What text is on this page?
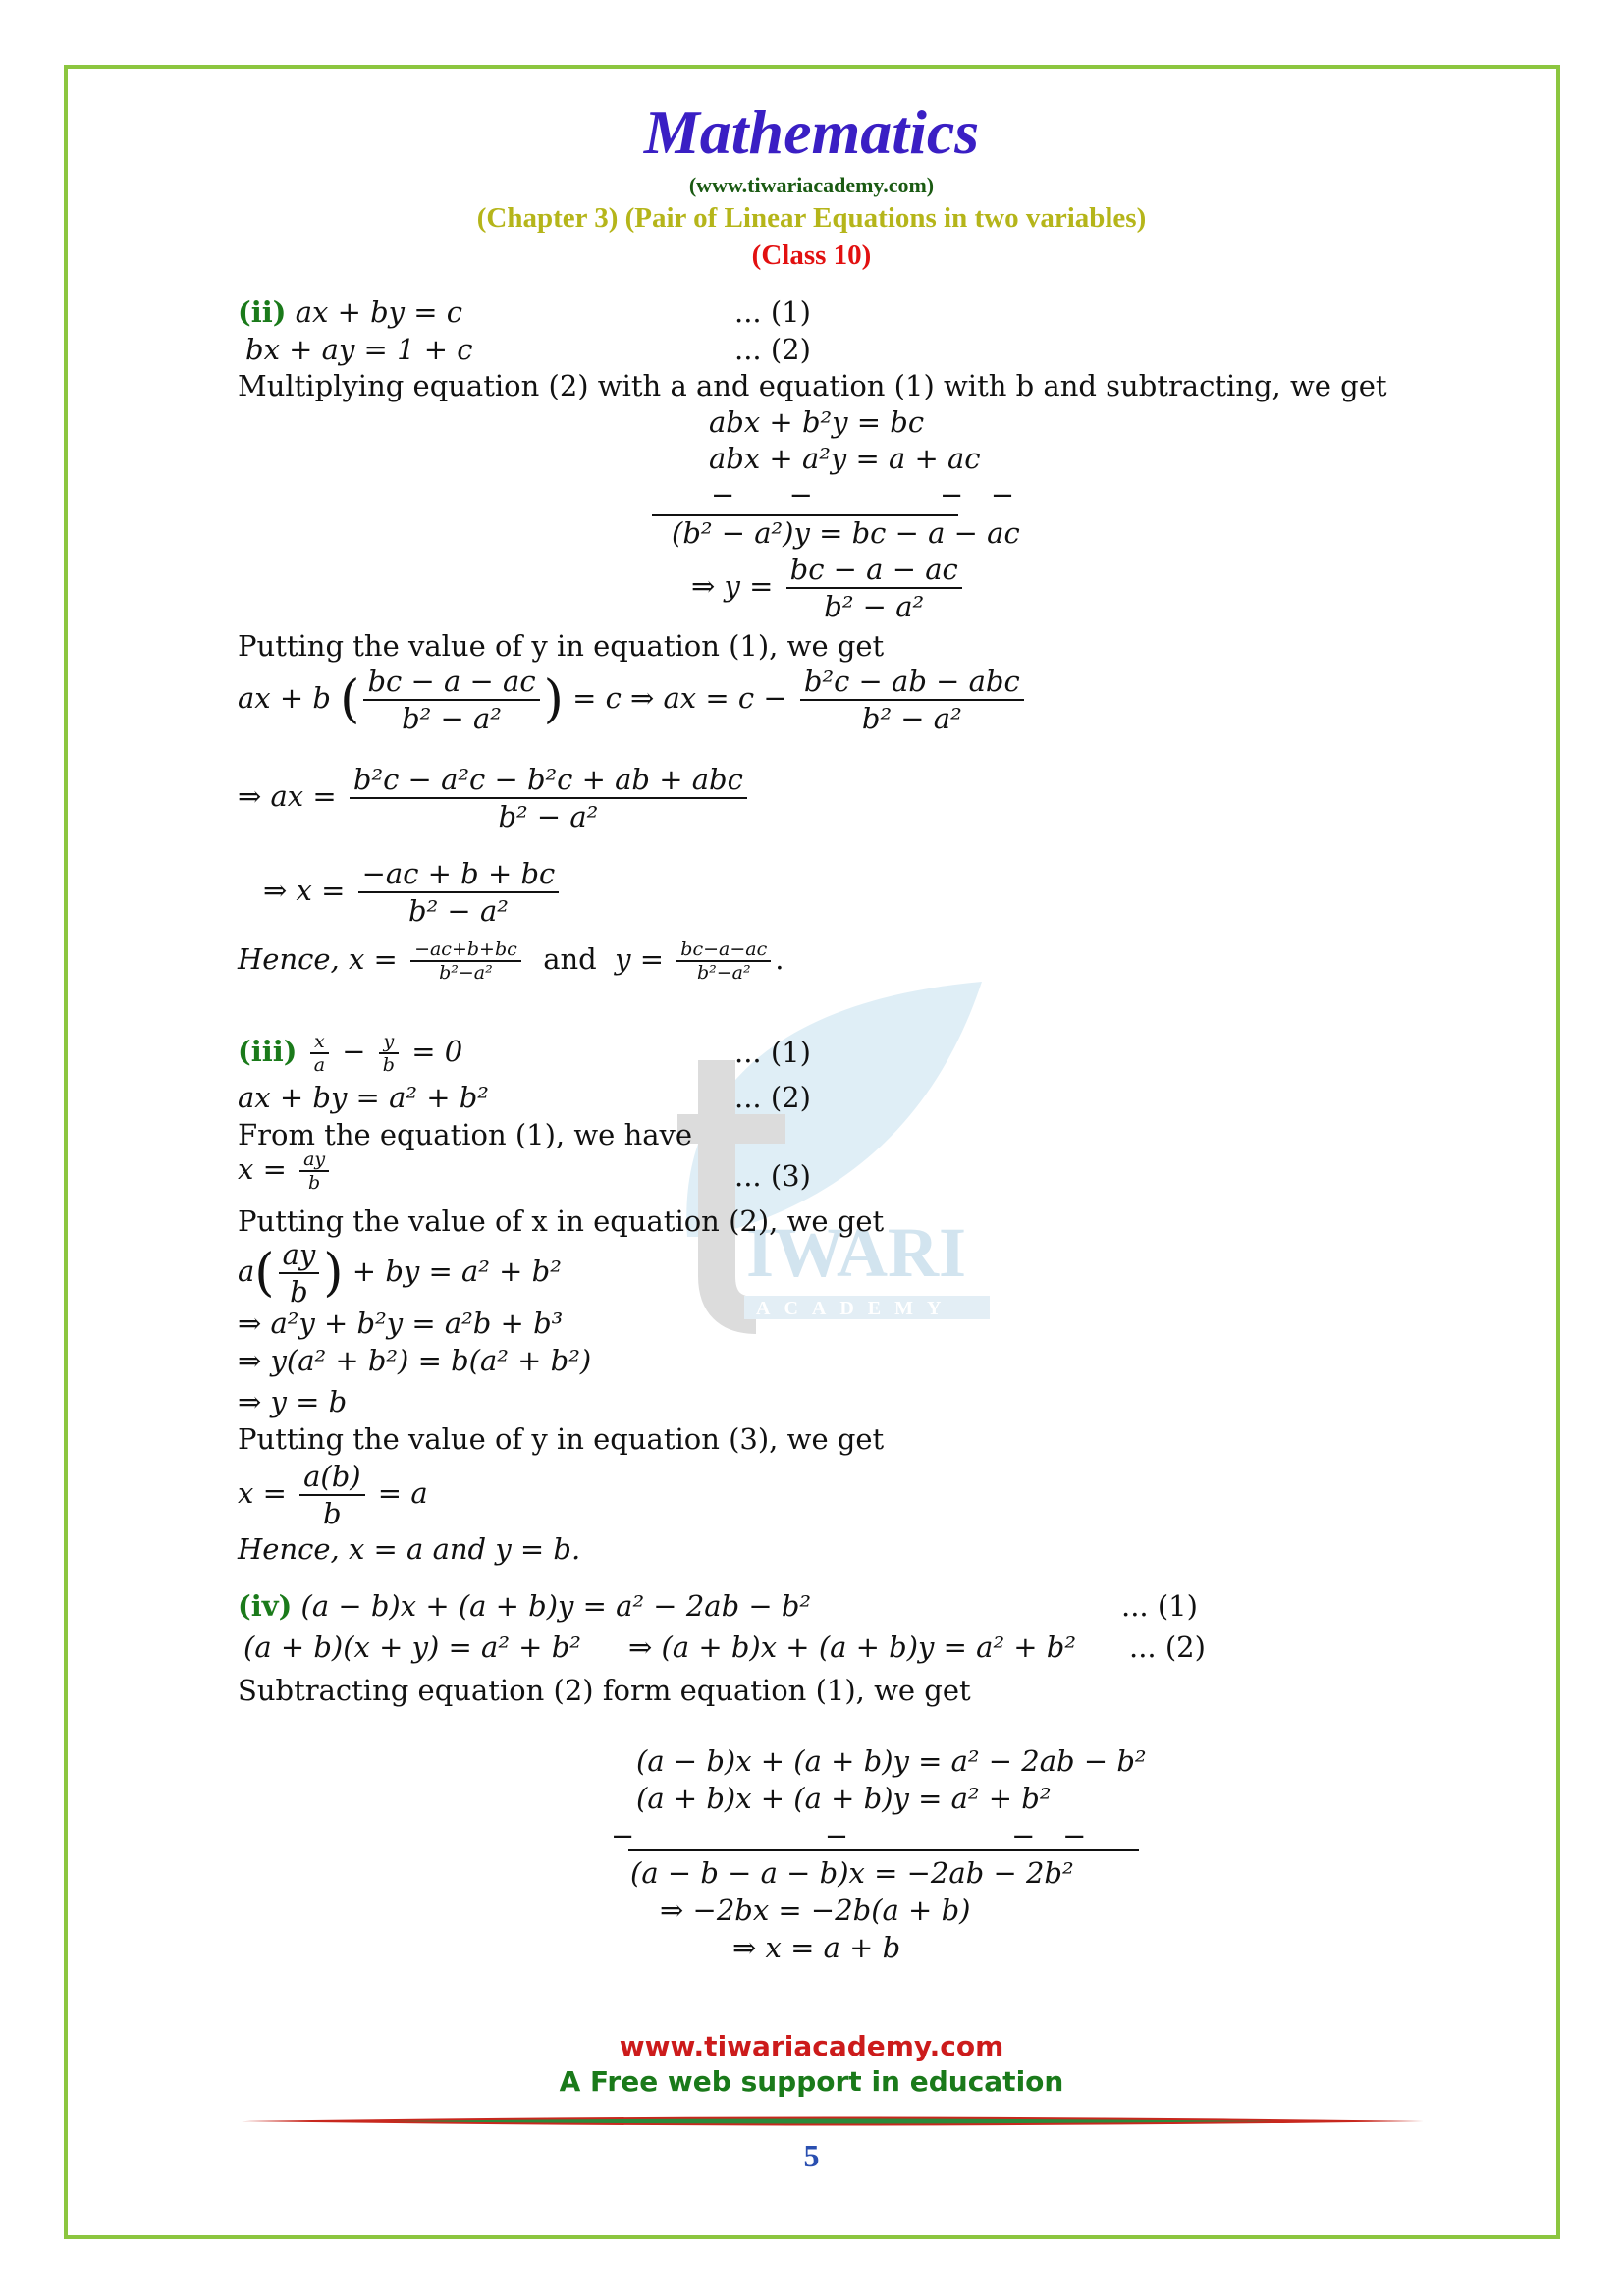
Mathematics
(www.tiwariacademy.com)
(Chapter 3) (Pair of Linear Equations in two variables)
(Class 10)
IWARI
ACADEMY
(ii) ax + by = c	... (1)
bx + ay = 1 + c	... (2)
Multiplying equation (2) with a and equation (1) with b and subtracting, we get
abx + b²y = bc
abx + a²y = a + ac
−      −              −   −
(b² − a²)y = bc − a − ac
⇒ $y = \frac{bc - a - ac}{\text{b² − a²}}$
Putting the value of y in equation (1), we get
ax + b ( $\frac{bc - a - ac}{\text{b² − a²}}$ ) = c ⇒ ax = $c - \frac{\text{b²c − ab − abc}}{\text{b² − a²}}$
⇒ ax = $\frac{\text{b²c − a²c − b²c + ab + abc}}{\text{b² − a²}}$
⇒ $x = \frac{-ac + b + bc}{\text{b² − a²}}$
Hence, $x = \frac{-ac+b+bc}{\text{b²−a²}}$ and $y = \frac{bc-a-ac}{\text{b²−a²}}$ .
$(iii) \frac{x}{a} - \frac{y}{b} = 0$	... (1)
ax + by = a² + b²	... (2)
From the equation (1), we have
$x = \frac{ay}{b}$	... (3)
Putting the value of x in equation (2), we get
$a( \frac{ay}{b}$ ) + by = a² + b²
⇒ a²y + b²y = a²b + b³
⇒ y(a² + b²) = b(a² + b²)
⇒ y = b
Putting the value of y in equation (3), we get
$x = \frac{a(b)}{b} = a$
Hence, x = a and y = b.
(iv) (a − b)x + (a + b)y = a² − 2ab − b²	... (1)
(a + b)(x + y) = a² + b² ⇒ (a + b)x + (a + b)y = a² + b² ... (2)
Subtracting equation (2) form equation (1), we get
(a − b)x + (a + b)y = a² − 2ab − b²
(a + b)x + (a + b)y = a² + b²
−                     −                  −   −
(a − b − a − b)x = −2ab − 2b²
⇒ −2bx = −2b(a + b)
⇒ x = a + b
www.tiwariacademy.com
A Free web support in education
5
